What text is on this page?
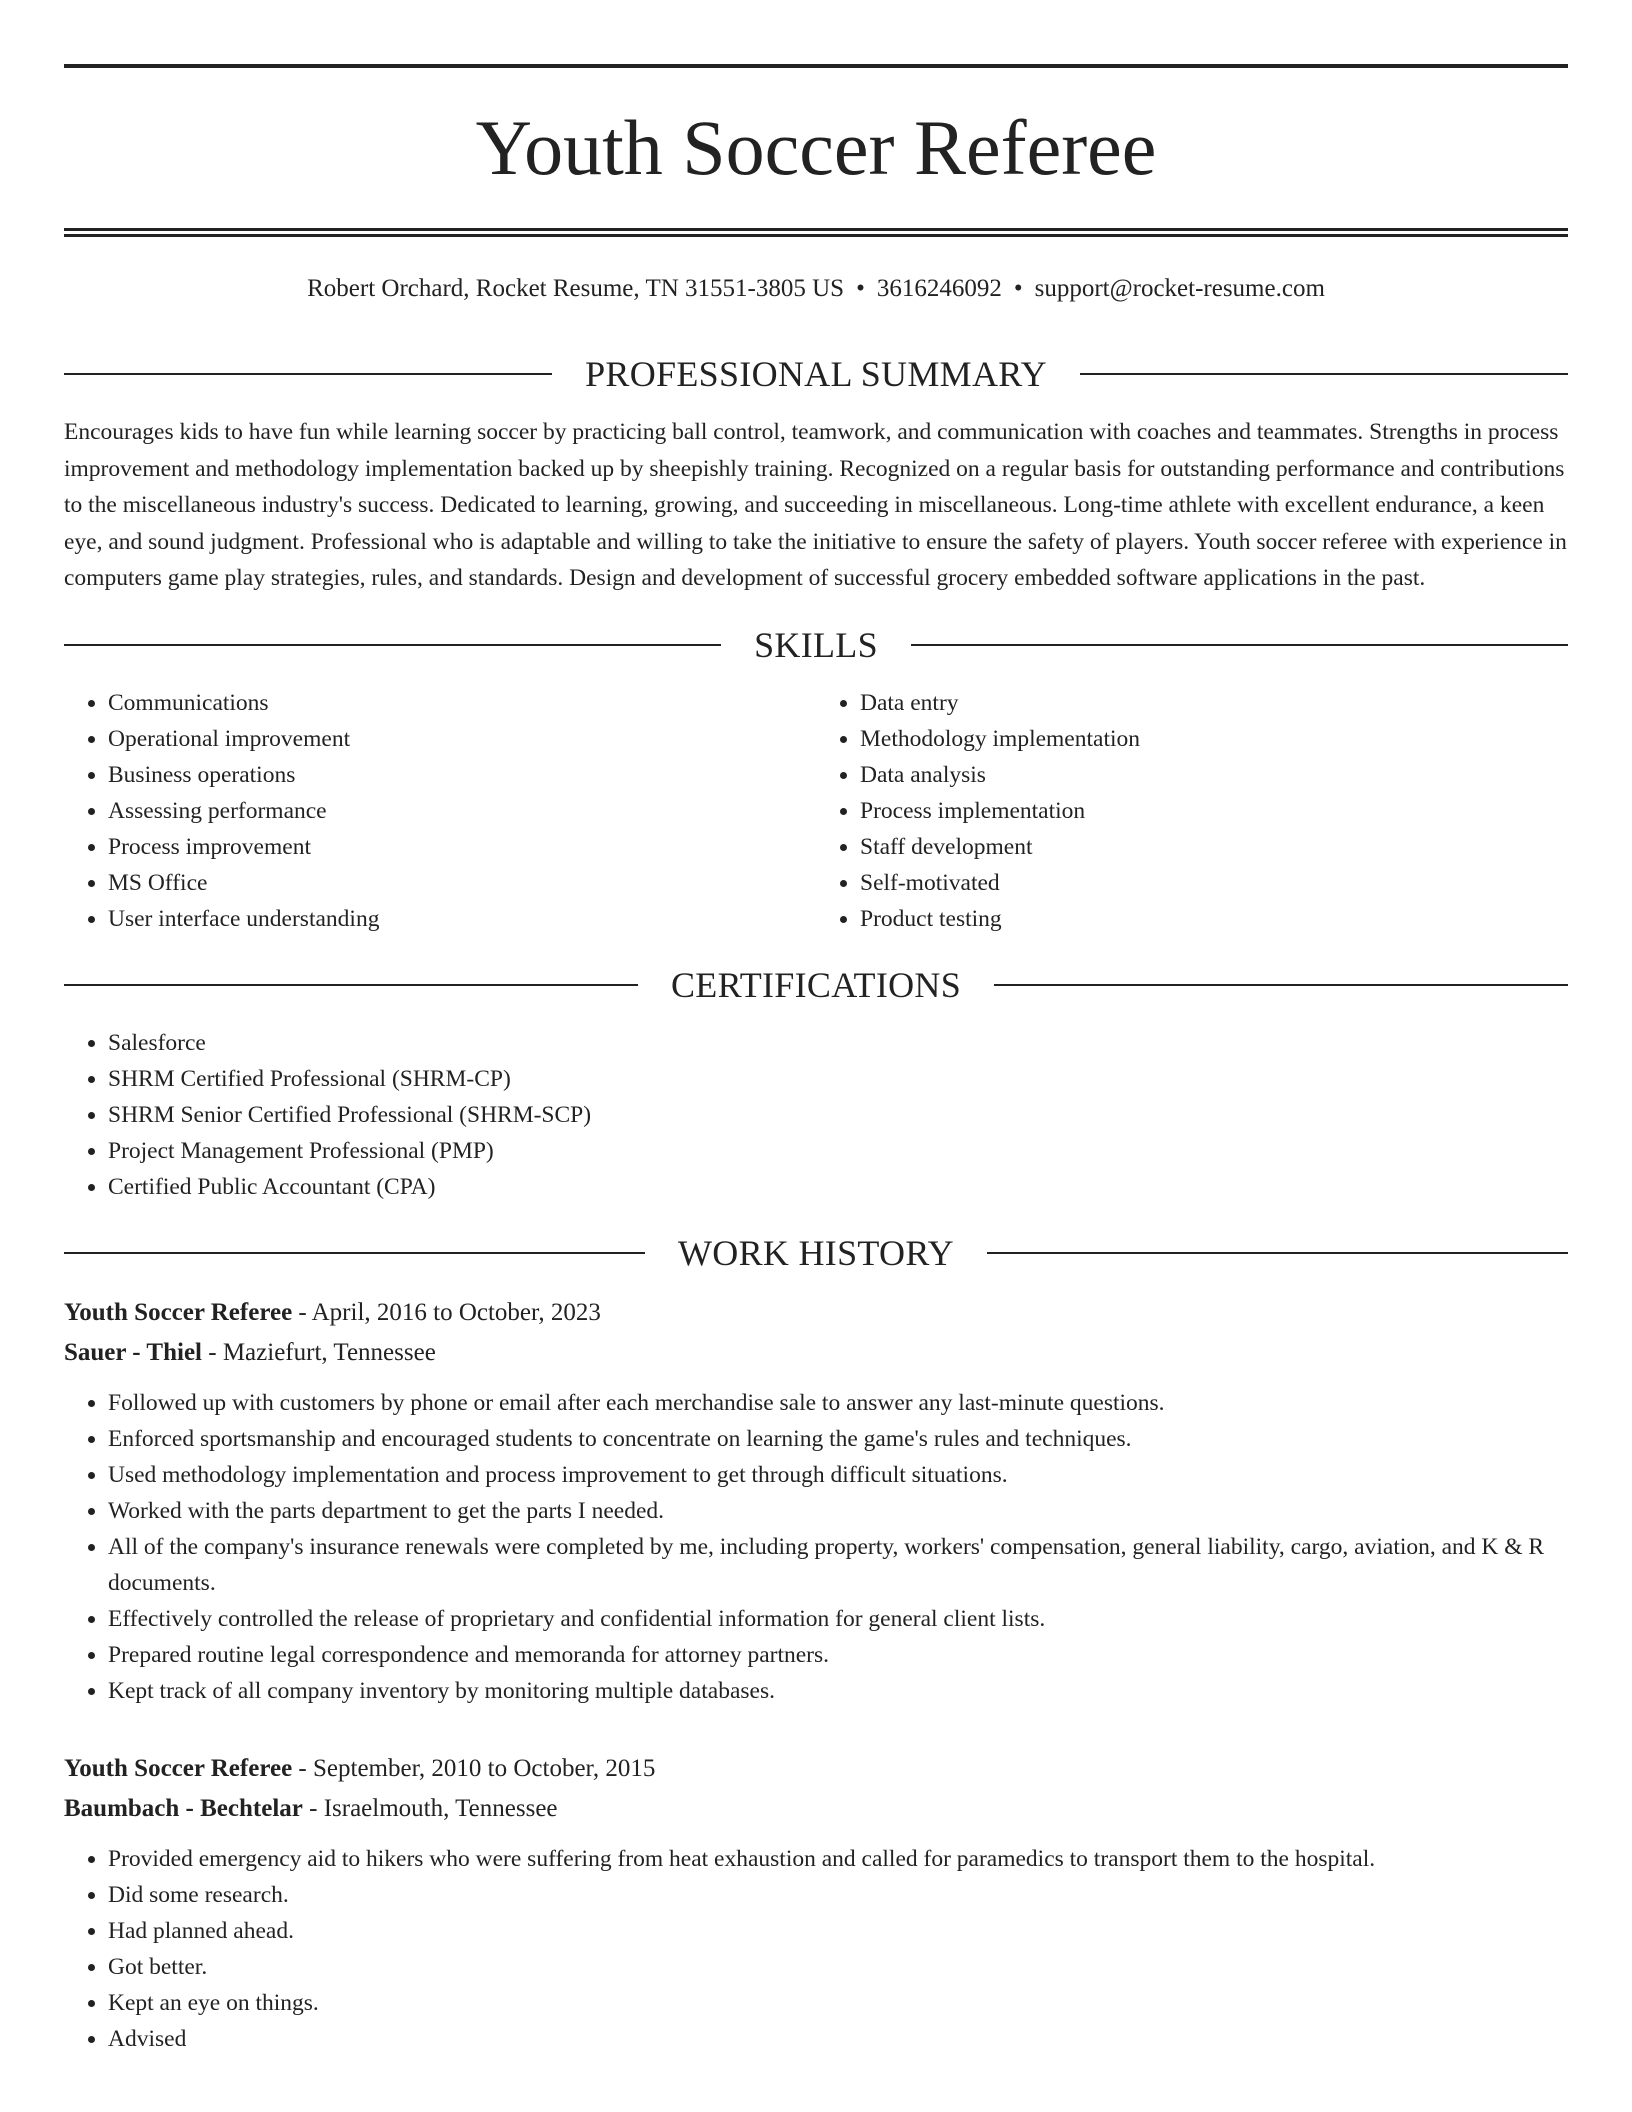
Youth Soccer Referee

Robert Orchard, Rocket Resume, TN 31551-3805 US • 3616246092 • support@rocket-resume.com

PROFESSIONAL SUMMARY

Encourages kids to have fun while learning soccer by practicing ball control, teamwork, and communication with coaches and teammates. Strengths in process improvement and methodology implementation backed up by sheepishly training. Recognized on a regular basis for outstanding performance and contributions to the miscellaneous industry's success. Dedicated to learning, growing, and succeeding in miscellaneous. Long-time athlete with excellent endurance, a keen eye, and sound judgment. Professional who is adaptable and willing to take the initiative to ensure the safety of players. Youth soccer referee with experience in computers game play strategies, rules, and standards. Design and development of successful grocery embedded software applications in the past.

SKILLS
• Communications
• Operational improvement
• Business operations
• Assessing performance
• Process improvement
• MS Office
• User interface understanding
• Data entry
• Methodology implementation
• Data analysis
• Process implementation
• Staff development
• Self-motivated
• Product testing
CERTIFICATIONS
• Salesforce
• SHRM Certified Professional (SHRM-CP)
• SHRM Senior Certified Professional (SHRM-SCP)
• Project Management Professional (PMP)
• Certified Public Accountant (CPA)
WORK HISTORY

Youth Soccer Referee - April, 2016 to October, 2023

Sauer - Thiel - Maziefurt, Tennessee

• Followed up with customers by phone or email after each merchandise sale to answer any last-minute questions.
• Enforced sportsmanship and encouraged students to concentrate on learning the game's rules and techniques.
• Used methodology implementation and process improvement to get through difficult situations.
• Worked with the parts department to get the parts I needed.
• All of the company's insurance renewals were completed by me, including property, workers' compensation, general liability, cargo, aviation, and K & R documents.
• Effectively controlled the release of proprietary and confidential information for general client lists.
• Prepared routine legal correspondence and memoranda for attorney partners.
• Kept track of all company inventory by monitoring multiple databases.

Youth Soccer Referee - September, 2010 to October, 2015

Baumbach - Bechtelar - Israelmouth, Tennessee

• Provided emergency aid to hikers who were suffering from heat exhaustion and called for paramedics to transport them to the hospital.
• Did some research.
• Had planned ahead.
• Got better.
• Kept an eye on things.
• Advised
